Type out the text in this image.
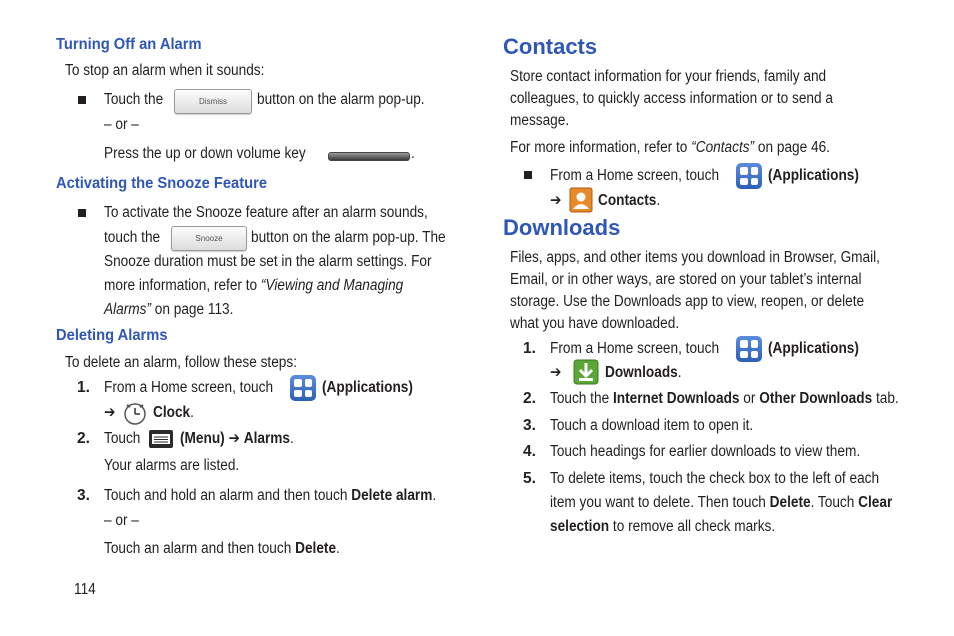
Turning Off an Alarm
To stop an alarm when it sounds:
Touch the	Dismiss button on the alarm pop-up.
– or –
Press the up or down volume key	.
Activating the Snooze Feature
To activate the Snooze feature after an alarm sounds,
touch the	Snooze button on the alarm pop-up. The
Snooze duration must be set in the alarm settings. For
more information, refer to “Viewing and Managing
Alarms” on page 113.
Deleting Alarms
To delete an alarm, follow these steps:
1. From a Home screen, touch	(Applications)
➔ Clock.
2. Touch	(Menu) ➔ Alarms.
Your alarms are listed.
3. Touch and hold an alarm and then touch Delete alarm.
– or –
Touch an alarm and then touch Delete.
114
Contacts
Store contact information for your friends, family and
colleagues, to quickly access information or to send a
message.
For more information, refer to “Contacts” on page 46.
From a Home screen, touch	(Applications)
➔ Contacts.
Downloads
Files, apps, and other items you download in Browser, Gmail,
Email, or in other ways, are stored on your tablet’s internal
storage. Use the Downloads app to view, reopen, or delete
what you have downloaded.
1. From a Home screen, touch	(Applications)
➔	Downloads.
2. Touch the Internet Downloads or Other Downloads tab.
3. Touch a download item to open it.
4. Touch headings for earlier downloads to view them.
5. To delete items, touch the check box to the left of each
item you want to delete. Then touch Delete. Touch Clear
selection to remove all check marks.
